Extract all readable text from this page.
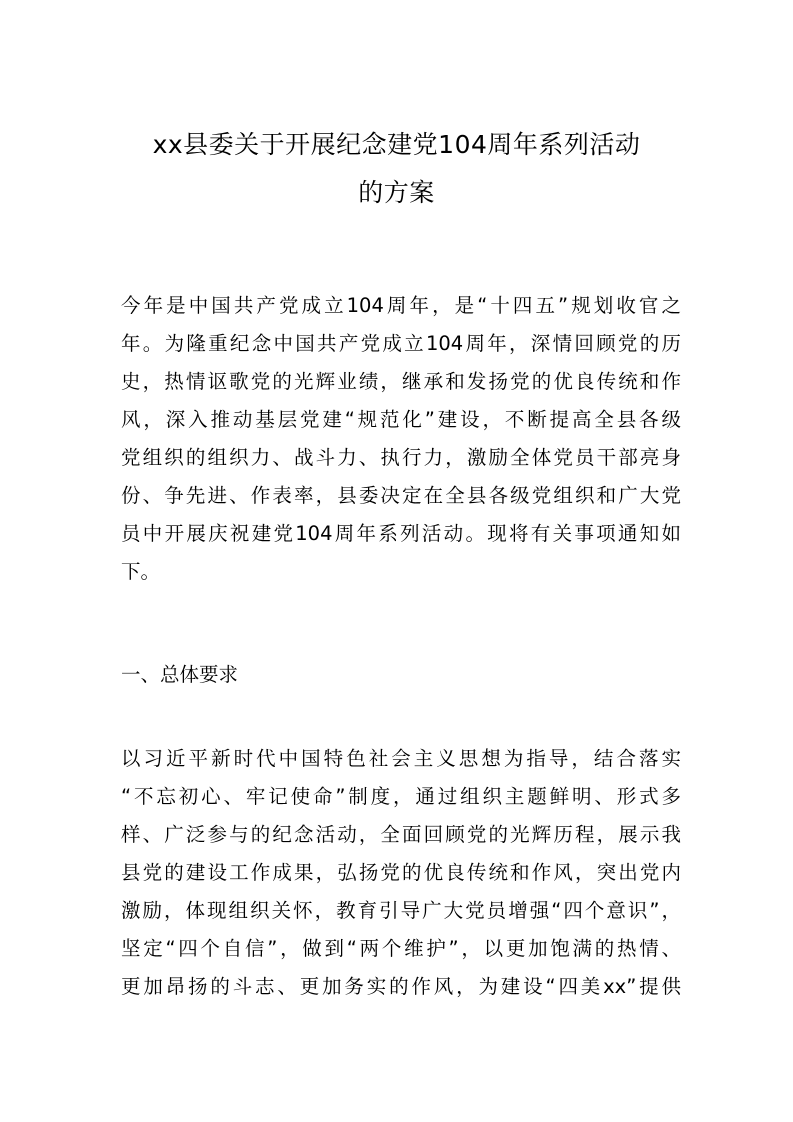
xx县委关于开展纪念建党104周年系列活动
的方案
今年是中国共产党成立104周年，是“十四五”规划收官之
年。为隆重纪念中国共产党成立104周年，深情回顾党的历
史，热情讴歌党的光辉业绩，继承和发扬党的优良传统和作
风，深入推动基层党建“规范化”建设，不断提高全县各级
党组织的组织力、战斗力、执行力，激励全体党员干部亮身
份、争先进、作表率，县委决定在全县各级党组织和广大党
员中开展庆祝建党104周年系列活动。现将有关事项通知如
下。
一、总体要求
以习近平新时代中国特色社会主义思想为指导，结合落实
“不忘初心、牢记使命”制度，通过组织主题鲜明、形式多
样、广泛参与的纪念活动，全面回顾党的光辉历程，展示我
县党的建设工作成果，弘扬党的优良传统和作风，突出党内
激励，体现组织关怀，教育引导广大党员增强“四个意识”，
坚定“四个自信”，做到“两个维护”，以更加饱满的热情、
更加昂扬的斗志、更加务实的作风，为建设“四美xx”提供
